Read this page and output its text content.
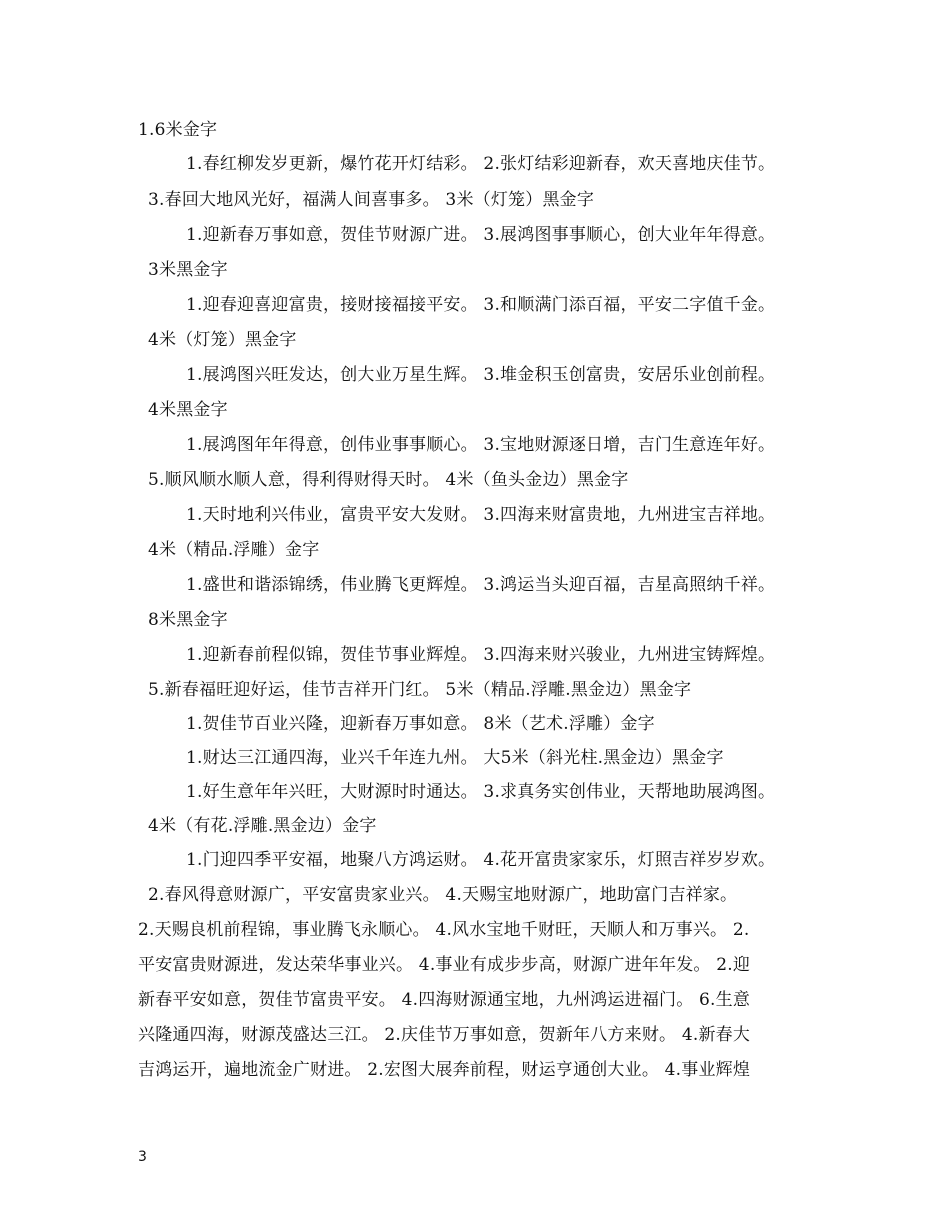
1.6米金字
1.春红柳发岁更新，爆竹花开灯结彩。 2.张灯结彩迎新春，欢天喜地庆佳节。
3.春回大地风光好，福满人间喜事多。 3米（灯笼）黑金字
1.迎新春万事如意，贺佳节财源广进。 3.展鸿图事事顺心，创大业年年得意。
3米黑金字
1.迎春迎喜迎富贵，接财接福接平安。 3.和顺满门添百福，平安二字值千金。
4米（灯笼）黑金字
1.展鸿图兴旺发达，创大业万星生辉。 3.堆金积玉创富贵，安居乐业创前程。
4米黑金字
1.展鸿图年年得意，创伟业事事顺心。 3.宝地财源逐日增，吉门生意连年好。
5.顺风顺水顺人意，得利得财得天时。 4米（鱼头金边）黑金字
1.天时地利兴伟业，富贵平安大发财。 3.四海来财富贵地，九州进宝吉祥地。
4米（精品.浮雕）金字
1.盛世和谐添锦绣，伟业腾飞更辉煌。 3.鸿运当头迎百福，吉星高照纳千祥。
8米黑金字
1.迎新春前程似锦，贺佳节事业辉煌。 3.四海来财兴骏业，九州进宝铸辉煌。
5.新春福旺迎好运，佳节吉祥开门红。 5米（精品.浮雕.黑金边）黑金字
1.贺佳节百业兴隆，迎新春万事如意。 8米（艺术.浮雕）金字
1.财达三江通四海，业兴千年连九州。 大5米（斜光柱.黑金边）黑金字
1.好生意年年兴旺，大财源时时通达。 3.求真务实创伟业，天帮地助展鸿图。
4米（有花.浮雕.黑金边）金字
1.门迎四季平安福，地聚八方鸿运财。 4.花开富贵家家乐，灯照吉祥岁岁欢。
2.春风得意财源广，平安富贵家业兴。 4.天赐宝地财源广，地助富门吉祥家。
2.天赐良机前程锦，事业腾飞永顺心。 4.风水宝地千财旺，天顺人和万事兴。 2.
平安富贵财源进，发达荣华事业兴。 4.事业有成步步高，财源广进年年发。 2.迎
新春平安如意，贺佳节富贵平安。 4.四海财源通宝地，九州鸿运进福门。 6.生意
兴隆通四海，财源茂盛达三江。 2.庆佳节万事如意，贺新年八方来财。 4.新春大
吉鸿运开，遍地流金广财进。 2.宏图大展奔前程，财运亨通创大业。 4.事业辉煌
3
